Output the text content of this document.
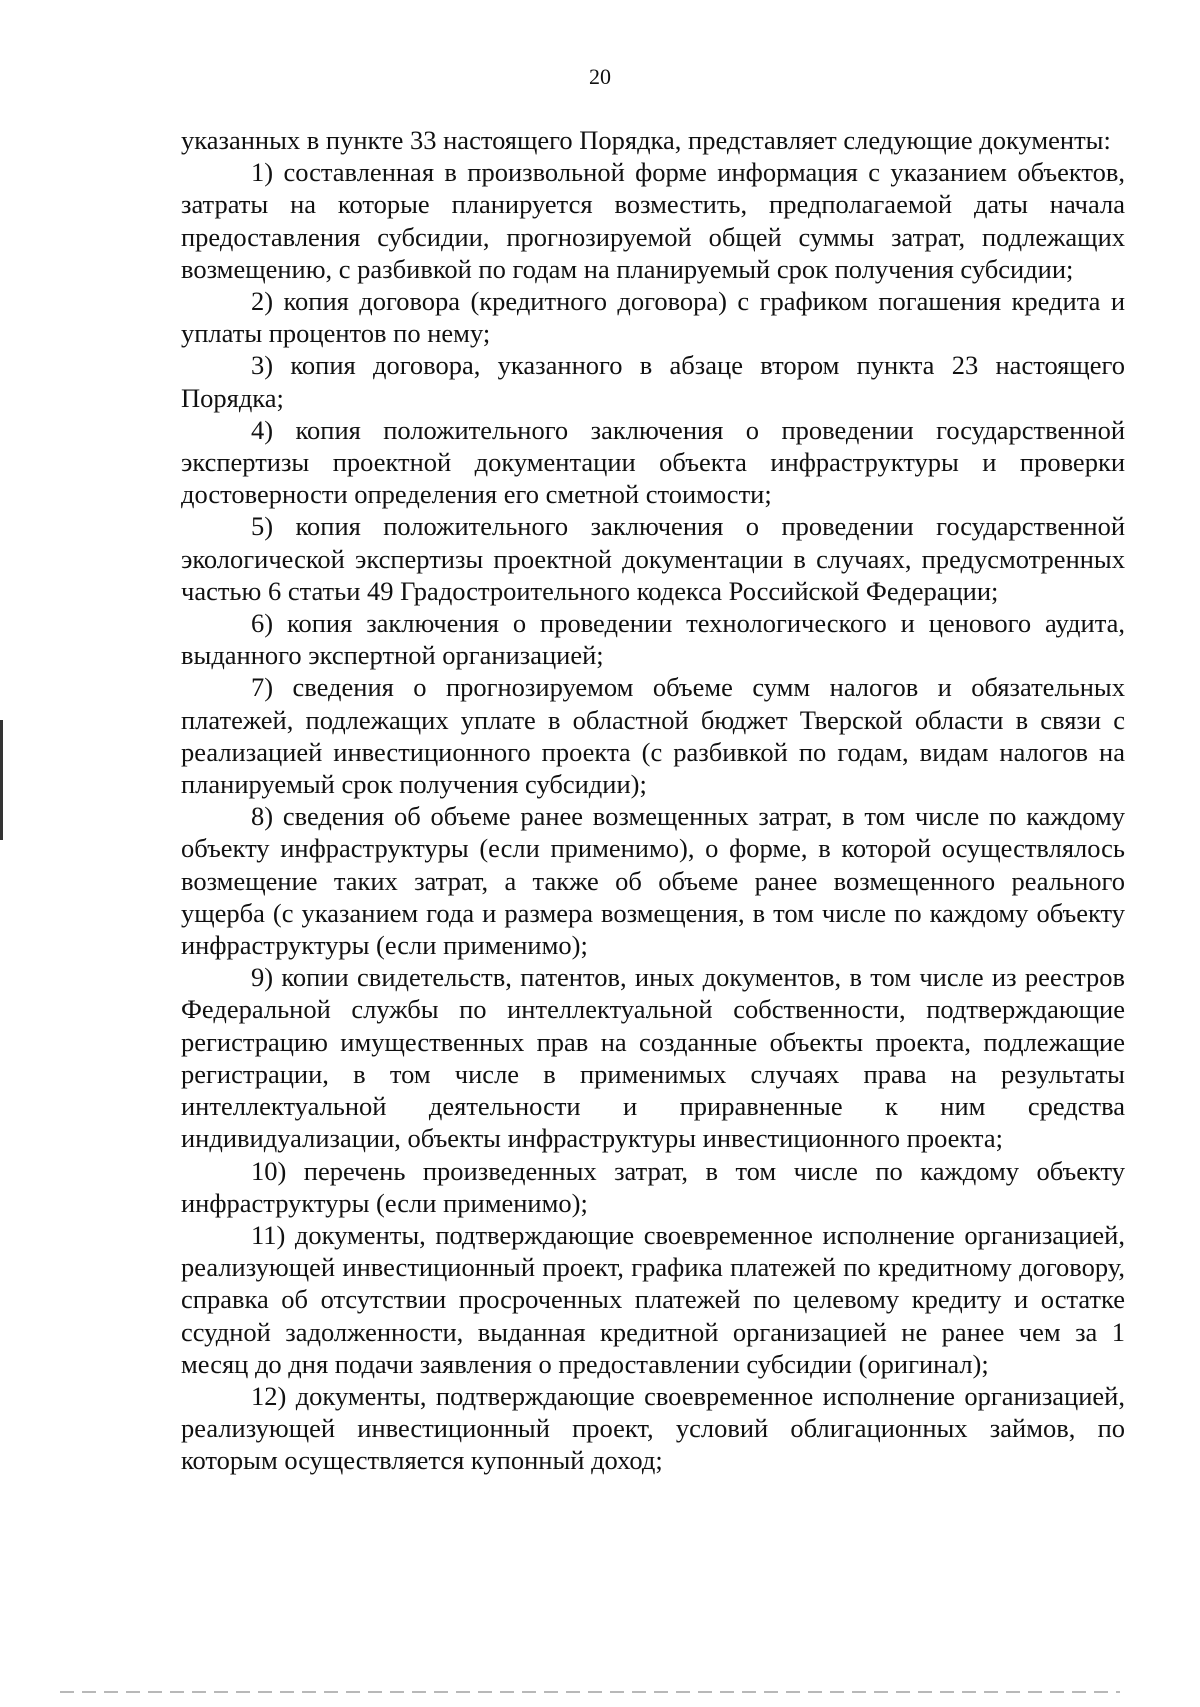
20

указанных в пункте 33 настоящего Порядка, представляет следующие документы:

1) составленная в произвольной форме информация с указанием объектов, затраты на которые планируется возместить, предполагаемой даты начала предоставления субсидии, прогнозируемой общей суммы затрат, подлежащих возмещению, с разбивкой по годам на планируемый срок получения субсидии;

2) копия договора (кредитного договора) с графиком погашения кредита и уплаты процентов по нему;

3) копия договора, указанного в абзаце втором пункта 23 настоящего Порядка;

4) копия положительного заключения о проведении государственной экспертизы проектной документации объекта инфраструктуры и проверки достоверности определения его сметной стоимости;

5) копия положительного заключения о проведении государственной экологической экспертизы проектной документации в случаях, предусмотренных частью 6 статьи 49 Градостроительного кодекса Российской Федерации;

6) копия заключения о проведении технологического и ценового аудита, выданного экспертной организацией;

7) сведения о прогнозируемом объеме сумм налогов и обязательных платежей, подлежащих уплате в областной бюджет Тверской области в связи с реализацией инвестиционного проекта (с разбивкой по годам, видам налогов на планируемый срок получения субсидии);

8) сведения об объеме ранее возмещенных затрат, в том числе по каждому объекту инфраструктуры (если применимо), о форме, в которой осуществлялось возмещение таких затрат, а также об объеме ранее возмещенного реального ущерба (с указанием года и размера возмещения, в том числе по каждому объекту инфраструктуры (если применимо);

9) копии свидетельств, патентов, иных документов, в том числе из реестров Федеральной службы по интеллектуальной собственности, подтверждающие регистрацию имущественных прав на созданные объекты проекта, подлежащие регистрации, в том числе в применимых случаях права на результаты интеллектуальной деятельности и приравненные к ним средства индивидуализации, объекты инфраструктуры инвестиционного проекта;

10) перечень произведенных затрат, в том числе по каждому объекту инфраструктуры (если применимо);

11) документы, подтверждающие своевременное исполнение организацией, реализующей инвестиционный проект, графика платежей по кредитному договору, справка об отсутствии просроченных платежей по целевому кредиту и остатке ссудной задолженности, выданная кредитной организацией не ранее чем за 1 месяц до дня подачи заявления о предоставлении субсидии (оригинал);

12) документы, подтверждающие своевременное исполнение организацией, реализующей инвестиционный проект, условий облигационных займов, по которым осуществляется купонный доход;
